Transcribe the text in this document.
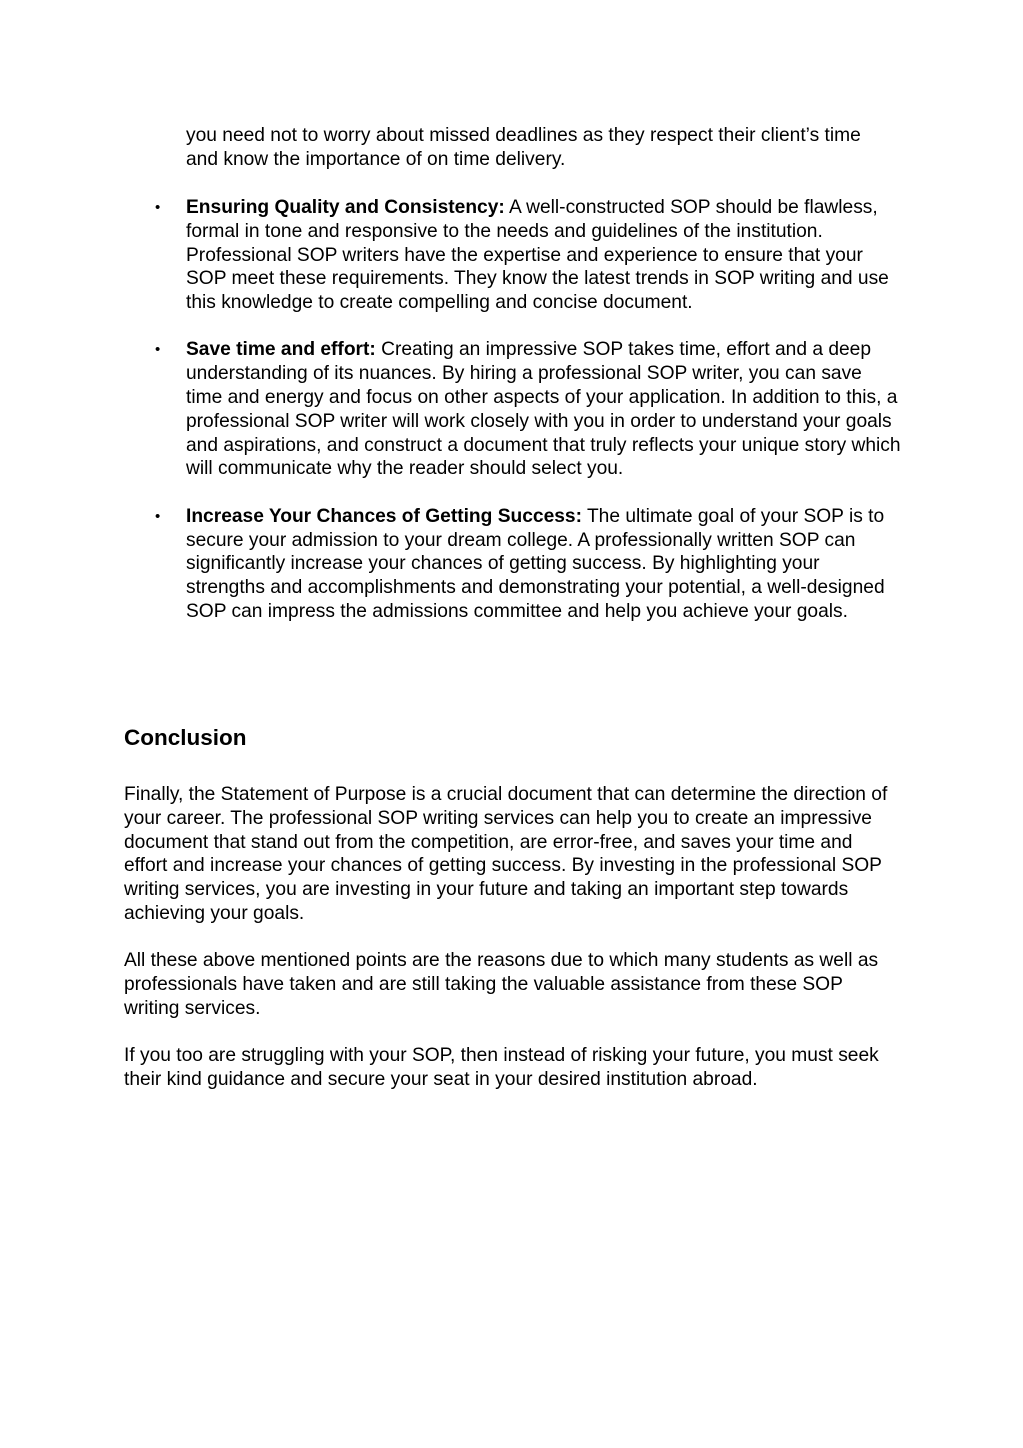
you need not to worry about missed deadlines as they respect their client’s time and know the importance of on time delivery.

• Ensuring Quality and Consistency: A well-constructed SOP should be flawless, formal in tone and responsive to the needs and guidelines of the institution. Professional SOP writers have the expertise and experience to ensure that your SOP meet these requirements. They know the latest trends in SOP writing and use this knowledge to create compelling and concise document.

• Save time and effort: Creating an impressive SOP takes time, effort and a deep understanding of its nuances. By hiring a professional SOP writer, you can save time and energy and focus on other aspects of your application. In addition to this, a professional SOP writer will work closely with you in order to understand your goals and aspirations, and construct a document that truly reflects your unique story which will communicate why the reader should select you.

• Increase Your Chances of Getting Success: The ultimate goal of your SOP is to secure your admission to your dream college. A professionally written SOP can significantly increase your chances of getting success. By highlighting your strengths and accomplishments and demonstrating your potential, a well-designed SOP can impress the admissions committee and help you achieve your goals.

Conclusion

Finally, the Statement of Purpose is a crucial document that can determine the direction of your career. The professional SOP writing services can help you to create an impressive document that stand out from the competition, are error-free, and saves your time and effort and increase your chances of getting success. By investing in the professional SOP writing services, you are investing in your future and taking an important step towards achieving your goals.

All these above mentioned points are the reasons due to which many students as well as professionals have taken and are still taking the valuable assistance from these SOP writing services.

If you too are struggling with your SOP, then instead of risking your future, you must seek their kind guidance and secure your seat in your desired institution abroad.
